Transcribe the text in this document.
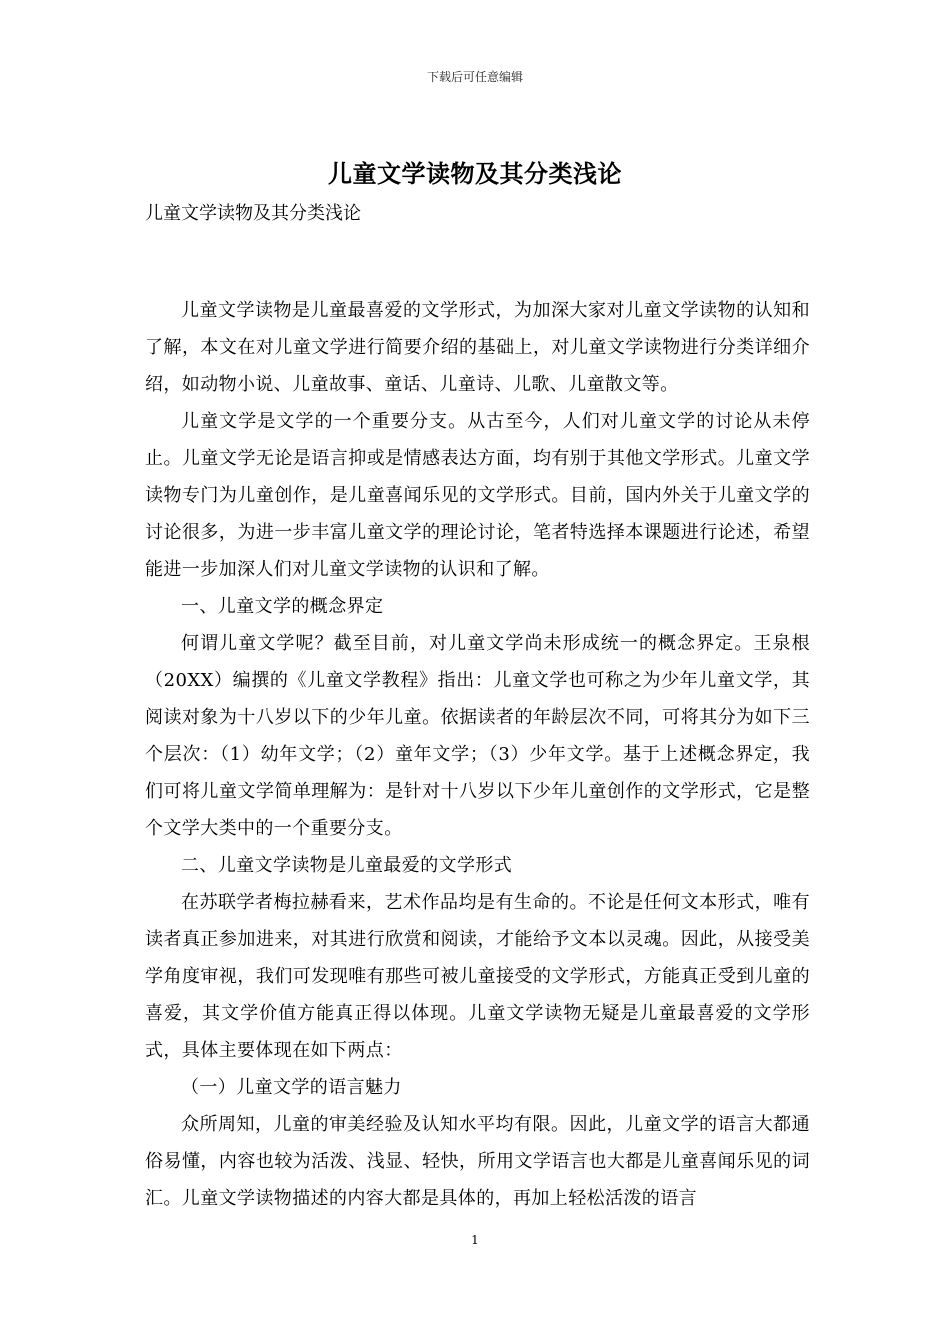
下载后可任意编辑
儿童文学读物及其分类浅论

儿童文学读物及其分类浅论

儿童文学读物是儿童最喜爱的文学形式，为加深大家对儿童文学读物的认知和了解，本文在对儿童文学进行简要介绍的基础上，对儿童文学读物进行分类详细介绍，如动物小说、儿童故事、童话、儿童诗、儿歌、儿童散文等。

儿童文学是文学的一个重要分支。从古至今，人们对儿童文学的讨论从未停止。儿童文学无论是语言抑或是情感表达方面，均有别于其他文学形式。儿童文学读物专门为儿童创作，是儿童喜闻乐见的文学形式。目前，国内外关于儿童文学的讨论很多，为进一步丰富儿童文学的理论讨论，笔者特选择本课题进行论述，希望能进一步加深人们对儿童文学读物的认识和了解。

一、儿童文学的概念界定

何谓儿童文学呢？截至目前，对儿童文学尚未形成统一的概念界定。王泉根（20XX）编撰的《儿童文学教程》指出：儿童文学也可称之为少年儿童文学，其阅读对象为十八岁以下的少年儿童。依据读者的年龄层次不同，可将其分为如下三个层次：（1）幼年文学；（2）童年文学；（3）少年文学。基于上述概念界定，我们可将儿童文学简单理解为：是针对十八岁以下少年儿童创作的文学形式，它是整个文学大类中的一个重要分支。

二、儿童文学读物是儿童最爱的文学形式

在苏联学者梅拉赫看来，艺术作品均是有生命的。不论是任何文本形式，唯有读者真正参加进来，对其进行欣赏和阅读，才能给予文本以灵魂。因此，从接受美学角度审视，我们可发现唯有那些可被儿童接受的文学形式，方能真正受到儿童的喜爱，其文学价值方能真正得以体现。儿童文学读物无疑是儿童最喜爱的文学形式，具体主要体现在如下两点：

（一）儿童文学的语言魅力

众所周知，儿童的审美经验及认知水平均有限。因此，儿童文学的语言大都通俗易懂，内容也较为活泼、浅显、轻快，所用文学语言也大都是儿童喜闻乐见的词汇。儿童文学读物描述的内容大都是具体的，再加上轻松活泼的语言

1
